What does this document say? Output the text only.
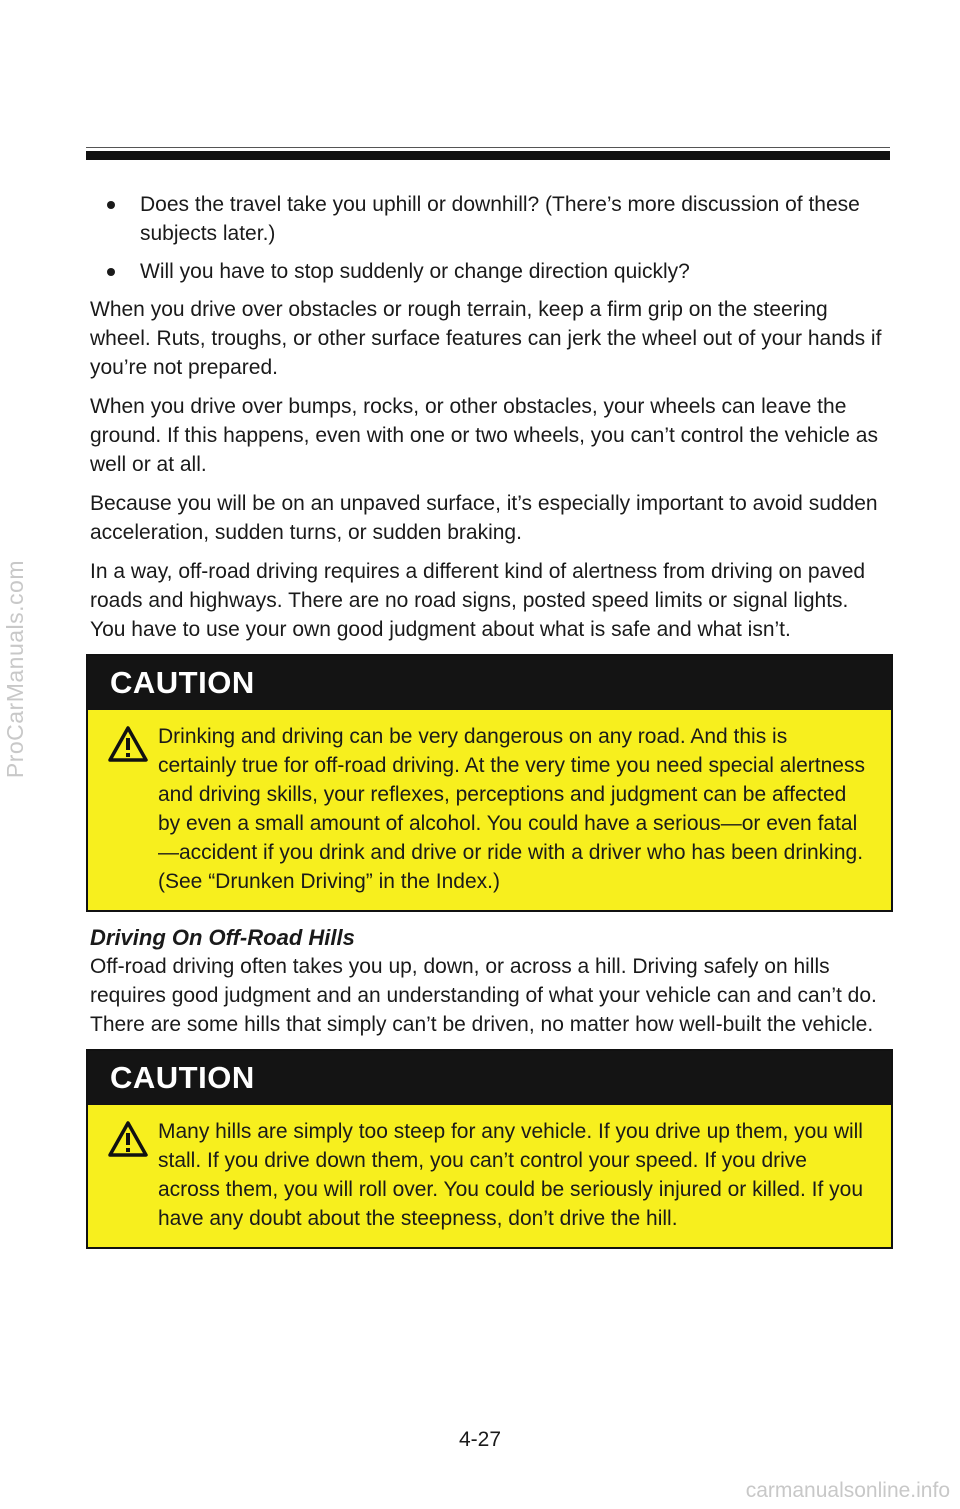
ProCarManuals.com
carmanualsonline.info
Does the travel take you uphill or downhill? (There’s more discussion of these subjects later.)
Will you have to stop suddenly or change direction quickly?

When you drive over obstacles or rough terrain, keep a firm grip on the steering wheel. Ruts, troughs, or other surface features can jerk the wheel out of your hands if you’re not prepared.

When you drive over bumps, rocks, or other obstacles, your wheels can leave the ground. If this happens, even with one or two wheels, you can’t control the vehicle as well or at all.

Because you will be on an unpaved surface, it’s especially important to avoid sudden acceleration, sudden turns, or sudden braking.

In a way, off-road driving requires a different kind of alertness from driving on paved roads and highways. There are no road signs, posted speed limits or signal lights. You have to use your own good judgment about what is safe and what isn’t.

CAUTION

Drinking and driving can be very dangerous on any road. And this is certainly true for off-road driving. At the very time you need special alertness and driving skills, your reflexes, perceptions and judgment can be affected by even a small amount of alcohol. You could have a serious—or even fatal—accident if you drink and drive or ride with a driver who has been drinking. (See “Drunken Driving” in the Index.)

Driving On Off-Road Hills

Off-road driving often takes you up, down, or across a hill. Driving safely on hills requires good judgment and an understanding of what your vehicle can and can’t do. There are some hills that simply can’t be driven, no matter how well-built the vehicle.

CAUTION

Many hills are simply too steep for any vehicle. If you drive up them, you will stall. If you drive down them, you can’t control your speed. If you drive across them, you will roll over. You could be seriously injured or killed. If you have any doubt about the steepness, don’t drive the hill.

4-27
